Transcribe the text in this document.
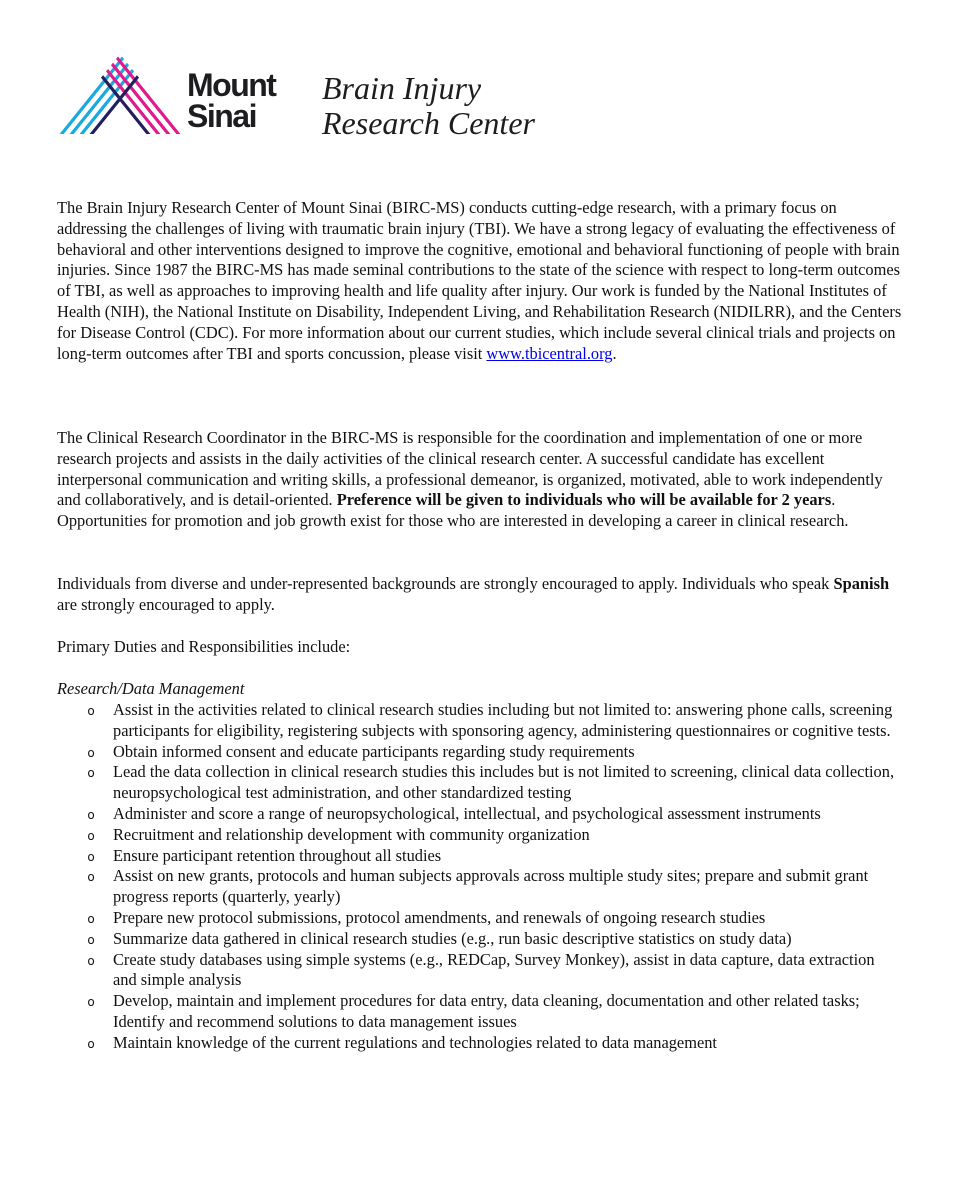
Mount
Sinai
Brain Injury
Research Center

The Brain Injury Research Center of Mount Sinai (BIRC-MS) conducts cutting-edge research, with a primary focus on addressing the challenges of living with traumatic brain injury (TBI). We have a strong legacy of evaluating the effectiveness of behavioral and other interventions designed to improve the cognitive, emotional and behavioral functioning of people with brain injuries. Since 1987 the BIRC-MS has made seminal contributions to the state of the science with respect to long-term outcomes of TBI, as well as approaches to improving health and life quality after injury. Our work is funded by the National Institutes of Health (NIH), the National Institute on Disability, Independent Living, and Rehabilitation Research (NIDILRR), and the Centers for Disease Control (CDC). For more information about our current studies, which include several clinical trials and projects on long-term outcomes after TBI and sports concussion, please visit www.tbicentral.org.

The Clinical Research Coordinator in the BIRC-MS is responsible for the coordination and implementation of one or more research projects and assists in the daily activities of the clinical research center. A successful candidate has excellent interpersonal communication and writing skills, a professional demeanor, is organized, motivated, able to work independently and collaboratively, and is detail-oriented. Preference will be given to individuals who will be available for 2 years. Opportunities for promotion and job growth exist for those who are interested in developing a career in clinical research.

Individuals from diverse and under-represented backgrounds are strongly encouraged to apply. Individuals who speak Spanish are strongly encouraged to apply.

Primary Duties and Responsibilities include:
Research/Data Management
o	Assist in the activities related to clinical research studies including but not limited to: answering phone calls, screening participants for eligibility, registering subjects with sponsoring agency, administering questionnaires or cognitive tests.
o	Obtain informed consent and educate participants regarding study requirements
o	Lead the data collection in clinical research studies this includes but is not limited to screening, clinical data collection, neuropsychological test administration, and other standardized testing
o	Administer and score a range of neuropsychological, intellectual, and psychological assessment instruments
o	Recruitment and relationship development with community organization
o	Ensure participant retention throughout all studies
o	Assist on new grants, protocols and human subjects approvals across multiple study sites; prepare and submit grant progress reports (quarterly, yearly)
o	Prepare new protocol submissions, protocol amendments, and renewals of ongoing research studies
o	Summarize data gathered in clinical research studies (e.g., run basic descriptive statistics on study data)
o	Create study databases using simple systems (e.g., REDCap, Survey Monkey), assist in data capture, data extraction and simple analysis
o	Develop, maintain and implement procedures for data entry, data cleaning, documentation and other related tasks; Identify and recommend solutions to data management issues
o	Maintain knowledge of the current regulations and technologies related to data management
